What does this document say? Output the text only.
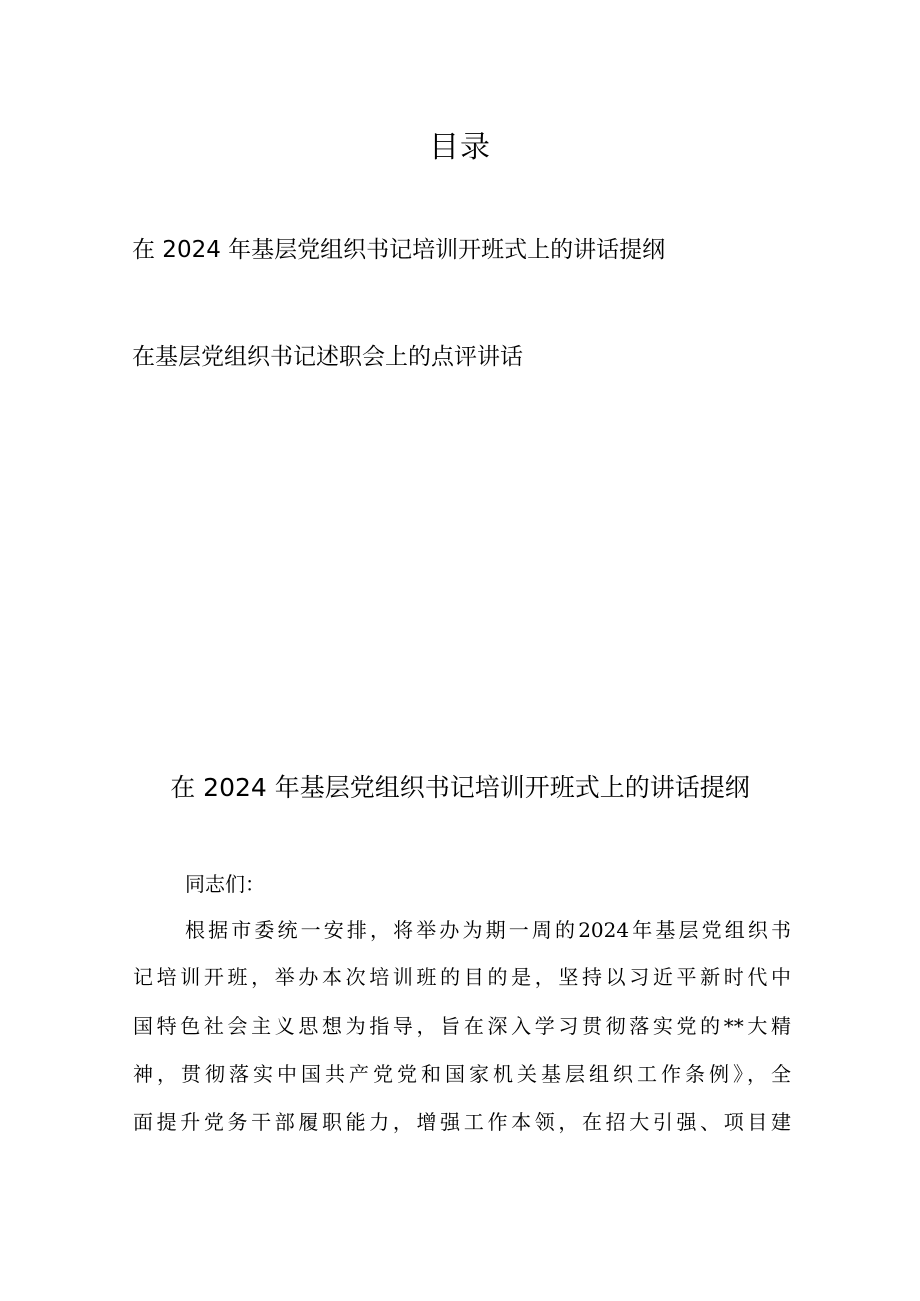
目录
在 2024 年基层党组织书记培训开班式上的讲话提纲
在基层党组织书记述职会上的点评讲话
在 2024 年基层党组织书记培训开班式上的讲话提纲
同志们：
根据市委统一安排，将举办为期一周的2024年基层党组织书
记培训开班，举办本次培训班的目的是，坚持以习近平新时代中
国特色社会主义思想为指导，旨在深入学习贯彻落实党的**大精
神，贯彻落实中国共产党党和国家机关基层组织工作条例》，全
面提升党务干部履职能力，增强工作本领，在招大引强、项目建
